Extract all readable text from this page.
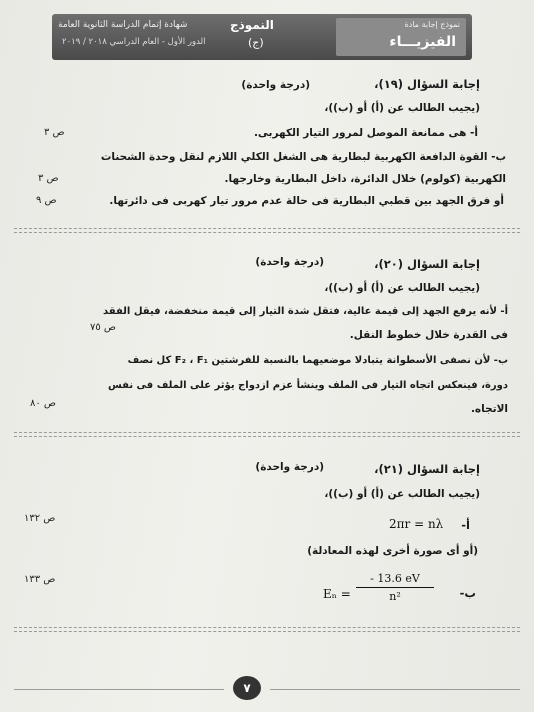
نموذج إجابة مادة
الفيزيـــاء
النموذج
(ج)
شهادة إتمام الدراسة الثانوية العامة
الدور الأول - العام الدراسي ٢٠١٨ / ٢٠١٩
إجابة السؤال (١٩)،
(درجة واحدة)
(يجيب الطالب عن (أ) أو (ب))،
أ- هى ممانعة الموصل لمرور التيار الكهربى.
ص ٣
ب- القوة الدافعة الكهربية لبطارية هى الشغل الكلي اللازم لنقل وحدة الشحنات
الكهربية (كولوم) خلال الدائرة، داخل البطارية وخارجها.
ص ٣
أو فرق الجهد بين قطبي البطارية فى حالة عدم مرور تيار كهربى فى دائرتها.
ص ٩
إجابة السؤال (٢٠)،
(درجة واحدة)
(يجيب الطالب عن (أ) أو (ب))،
أ- لأنه يرفع الجهد إلى قيمة عالية، فتقل شدة التيار إلى قيمة منخفضة، فيقل الفقد
فى القدرة خلال خطوط النقل.
ص ٧٥
ب- لأن نصفى الأسطوانة يتبادلا موضعيهما بالنسبة للفرشتين F₂ ، F₁ كل نصف
دورة، فينعكس اتجاه التيار فى الملف وينشأ عزم ازدواج يؤثر على الملف فى نفس
الاتجاه.
ص ٨٠
إجابة السؤال (٢١)،
(درجة واحدة)
(يجيب الطالب عن (أ) أو (ب))،
أ-
2πr = nλ
ص ١٣٢
(أو أى صورة أخرى لهذه المعادلة)
ب-
$E_n = \frac{- 13.6 eV}{\text{n²}}$
ص ١٣٣
٧
